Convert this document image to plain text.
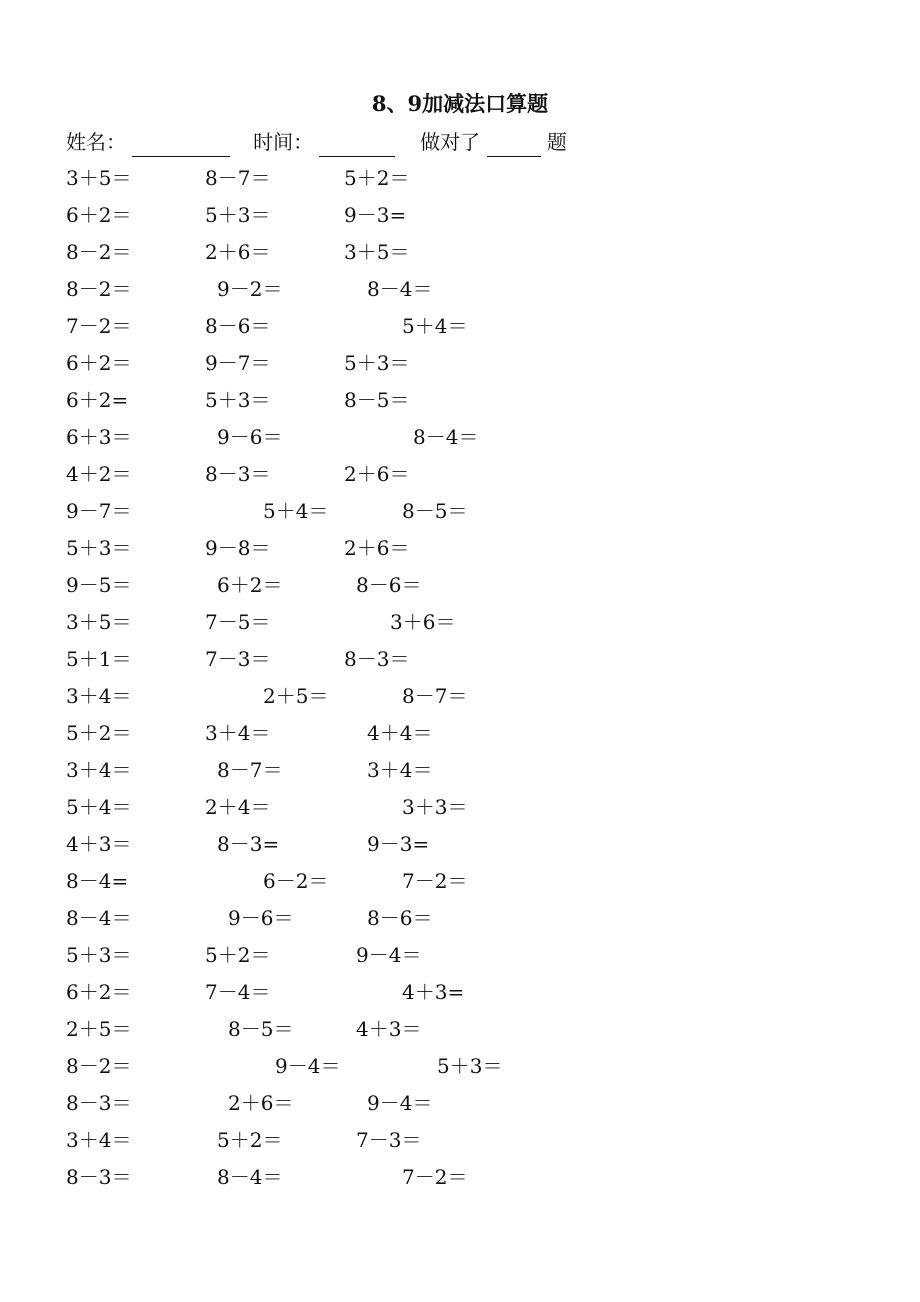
8、9加减法口算题
姓名：	时间：	做对了	题
3＋5＝	8－7＝	5＋2＝
6＋2＝	5＋3＝	9－3=
8－2＝	2＋6＝	3＋5＝
8－2＝	9－2＝	8－4＝
7－2＝	8－6＝	5＋4＝
6＋2＝	9－7＝	5＋3＝
6＋2=	5＋3＝	8－5＝
6＋3＝	9－6＝	8－4＝
4＋2＝	8－3＝	2＋6＝
9－7＝	5＋4＝	8－5＝
5＋3＝	9－8＝	2＋6＝
9－5＝	6＋2＝	8－6＝
3＋5＝	7－5＝	3＋6＝
5＋1＝	7－3＝	8－3＝
3＋4＝	2＋5＝	8－7＝
5＋2＝	3＋4＝	4＋4＝
3＋4＝	8－7＝	3＋4＝
5＋4＝	2＋4＝	3＋3＝
4＋3＝	8－3=	9－3=
8－4=	6－2＝	7－2＝
8－4＝	9－6＝	8－6＝
5＋3＝	5＋2＝	9－4＝
6＋2＝	7－4＝	4＋3=
2＋5＝	8－5＝	4＋3＝
8－2＝	9－4＝	5＋3＝
8－3＝	2＋6＝	9－4＝
3＋4＝	5＋2＝	7－3＝
8－3＝	8－4＝	7－2＝
